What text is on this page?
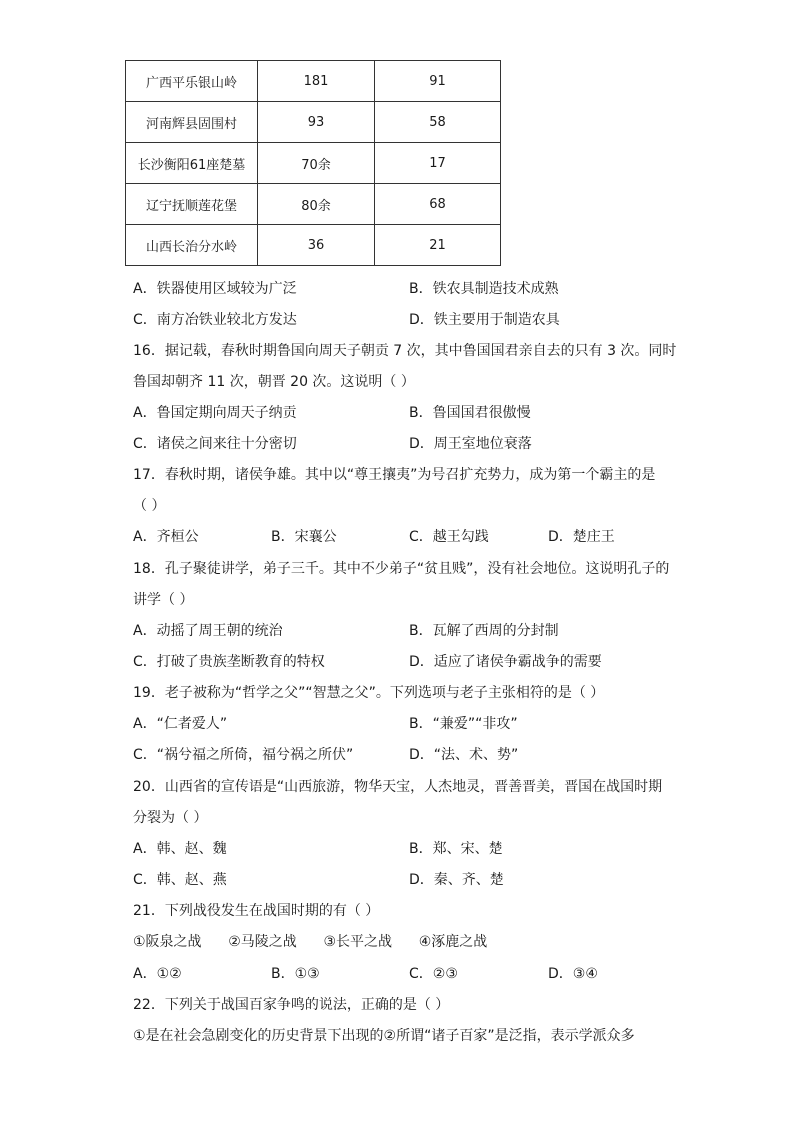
广西平乐银山岭	181	91
河南辉县固围村	93	58
长沙衡阳61座楚墓	70余	17
辽宁抚顺莲花堡	80余	68
山西长治分水岭	36	21
A．铁器使用区域较为广泛	B．铁农具制造技术成熟
C．南方冶铁业较北方发达	D．铁主要用于制造农具
16．据记载，春秋时期鲁国向周天子朝贡 7 次，其中鲁国国君亲自去的只有 3 次。同时
鲁国却朝齐 11 次，朝晋 20 次。这说明（ ）
A．鲁国定期向周天子纳贡	B．鲁国国君很傲慢
C．诸侯之间来往十分密切	D．周王室地位衰落
17．春秋时期，诸侯争雄。其中以“尊王攘夷”为号召扩充势力，成为第一个霸主的是
（ ）
A．齐桓公	B．宋襄公	C．越王勾践	D．楚庄王
18．孔子聚徒讲学，弟子三千。其中不少弟子“贫且贱”，没有社会地位。这说明孔子的
讲学（ ）
A．动摇了周王朝的统治	B．瓦解了西周的分封制
C．打破了贵族垄断教育的特权	D．适应了诸侯争霸战争的需要
19．老子被称为“哲学之父”“智慧之父”。下列选项与老子主张相符的是（ ）
A．“仁者爱人”	B．“兼爱”“非攻”
C．“祸兮福之所倚，福兮祸之所伏”	D．“法、术、势”
20．山西省的宣传语是“山西旅游，物华天宝，人杰地灵，晋善晋美，晋国在战国时期
分裂为（ ）
A．韩、赵、魏	B．郑、宋、楚
C．韩、赵、燕	D．秦、齐、楚
21．下列战役发生在战国时期的有（ ）
①阪泉之战      ②马陵之战      ③长平之战      ④涿鹿之战
A．①②	B．①③	C．②③	D．③④
22．下列关于战国百家争鸣的说法，正确的是（ ）
①是在社会急剧变化的历史背景下出现的②所谓“诸子百家”是泛指，表示学派众多
